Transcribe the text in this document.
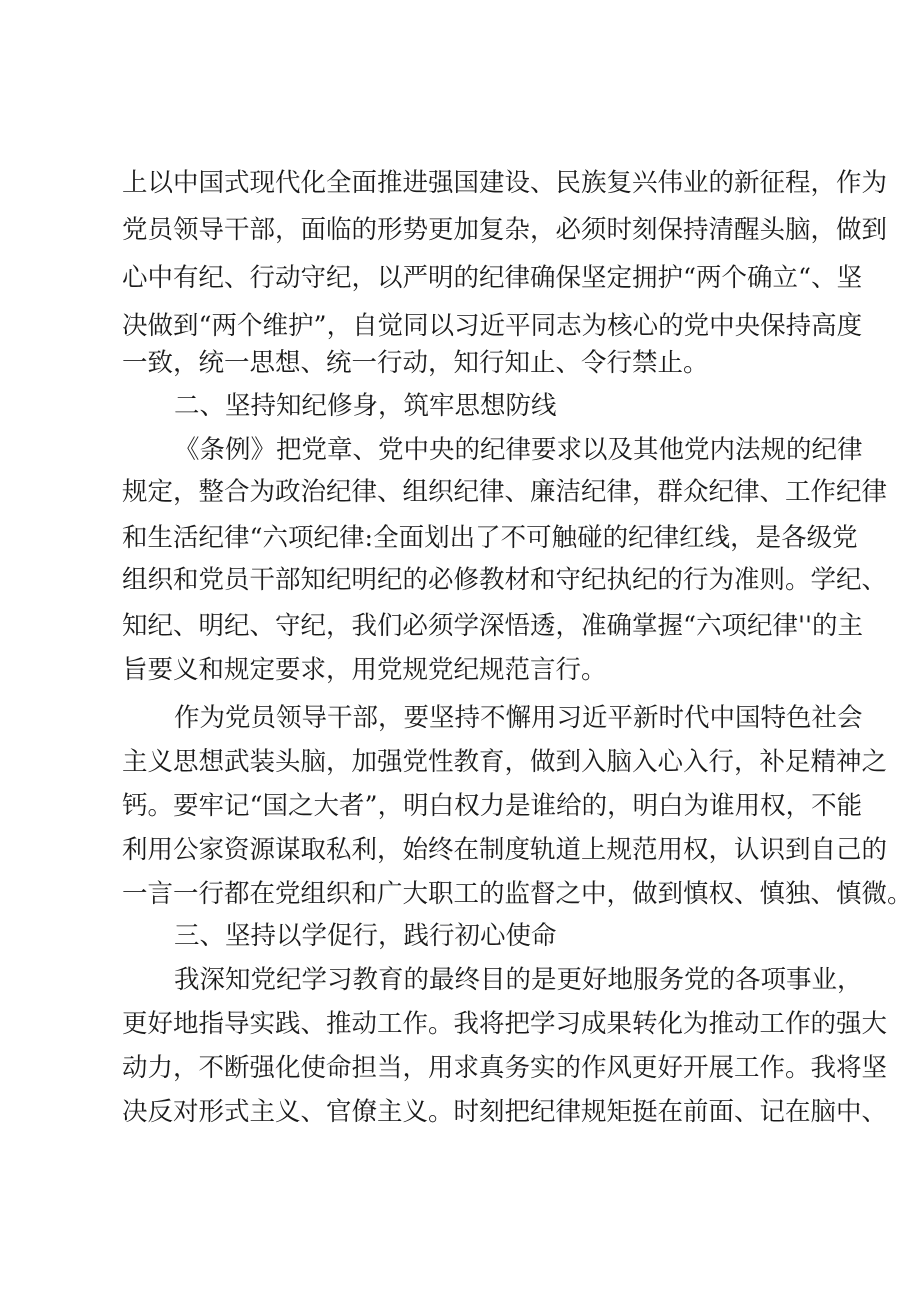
上以中国式现代化全面推进强国建设、民族复兴伟业的新征程，作为
党员领导干部，面临的形势更加复杂，必须时刻保持清醒头脑，做到
心中有纪、行动守纪，以严明的纪律确保坚定拥护“两个确立“、坚
决做到“两个维护”，自觉同以习近平同志为核心的党中央保持高度
一致，统一思想、统一行动，知行知止、令行禁止。
二、坚持知纪修身，筑牢思想防线
《条例》把党章、党中央的纪律要求以及其他党内法规的纪律
规定，整合为政治纪律、组织纪律、廉洁纪律，群众纪律、工作纪律
和生活纪律“六项纪律:全面划出了不可触碰的纪律红线，是各级党
组织和党员干部知纪明纪的必修教材和守纪执纪的行为准则。学纪、
知纪、明纪、守纪，我们必须学深悟透，准确掌握“六项纪律''的主
旨要义和规定要求，用党规党纪规范言行。
作为党员领导干部，要坚持不懈用习近平新时代中国特色社会
主义思想武装头脑，加强党性教育，做到入脑入心入行，补足精神之
钙。要牢记“国之大者”，明白权力是谁给的，明白为谁用权，不能
利用公家资源谋取私利，始终在制度轨道上规范用权，认识到自己的
一言一行都在党组织和广大职工的监督之中，做到慎权、慎独、慎微。
三、坚持以学促行，践行初心使命
我深知党纪学习教育的最终目的是更好地服务党的各项事业，
更好地指导实践、推动工作。我将把学习成果转化为推动工作的强大
动力，不断强化使命担当，用求真务实的作风更好开展工作。我将坚
决反对形式主义、官僚主义。时刻把纪律规矩挺在前面、记在脑中、
